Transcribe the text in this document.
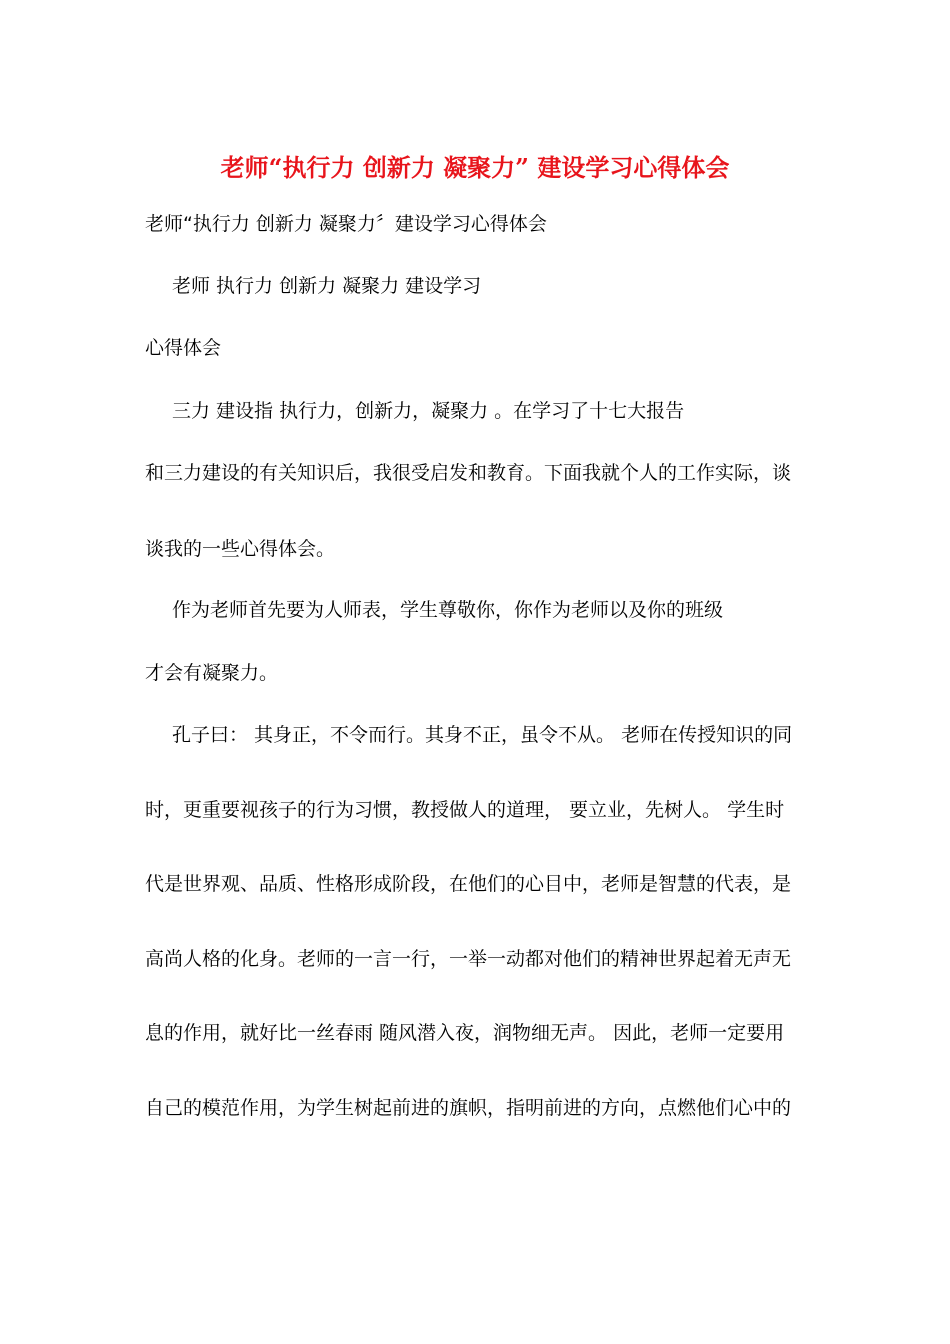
老师“执行力 创新力 凝聚力” 建设学习心得体会
老师“执行力 创新力 凝聚力〞建设学习心得体会
老师 执行力 创新力 凝聚力 建设学习
心得体会
三力 建设指 执行力，创新力，凝聚力 。在学习了十七大报告
和三力建设的有关知识后，我很受启发和教育。下面我就个人的工作实际，谈
谈我的一些心得体会。
作为老师首先要为人师表，学生尊敬你，你作为老师以及你的班级
才会有凝聚力。
孔子曰： 其身正，不令而行。其身不正，虽令不从。 老师在传授知识的同
时，更重要视孩子的行为习惯，教授做人的道理， 要立业，先树人。 学生时
代是世界观、品质、性格形成阶段，在他们的心目中，老师是智慧的代表，是
高尚人格的化身。老师的一言一行，一举一动都对他们的精神世界起着无声无
息的作用，就好比一丝春雨 随风潜入夜，润物细无声。 因此，老师一定要用
自己的模范作用，为学生树起前进的旗帜，指明前进的方向，点燃他们心中的
